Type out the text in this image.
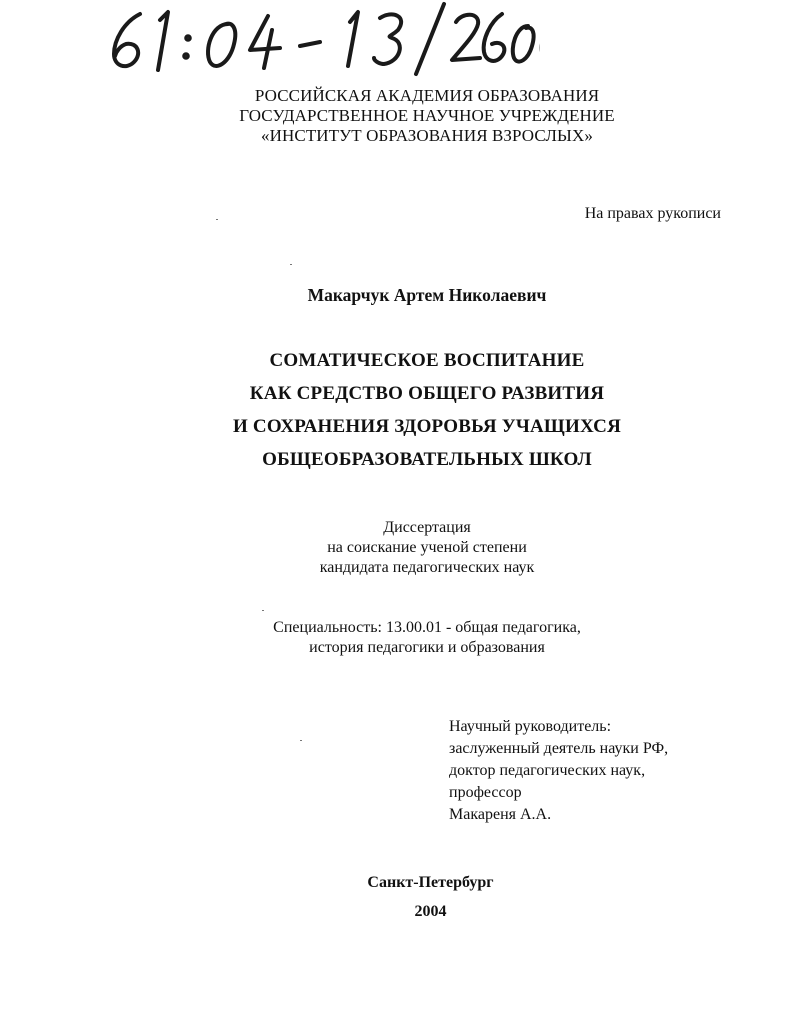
61:04-13/2606
РОССИЙСКАЯ АКАДЕМИЯ ОБРАЗОВАНИЯ
ГОСУДАРСТВЕННОЕ НАУЧНОЕ УЧРЕЖДЕНИЕ
«ИНСТИТУТ ОБРАЗОВАНИЯ ВЗРОСЛЫХ»
На правах рукописи
Макарчук Артем Николаевич
СОМАТИЧЕСКОЕ ВОСПИТАНИЕ
КАК СРЕДСТВО ОБЩЕГО РАЗВИТИЯ
И СОХРАНЕНИЯ ЗДОРОВЬЯ УЧАЩИХСЯ
ОБЩЕОБРАЗОВАТЕЛЬНЫХ ШКОЛ
Диссертация
на соискание ученой степени
кандидата педагогических наук
Специальность: 13.00.01 - общая педагогика,
история педагогики и образования
Научный руководитель:
заслуженный деятель науки РФ,
доктор педагогических наук,
профессор
Макареня А.А.
Санкт-Петербург
2004
